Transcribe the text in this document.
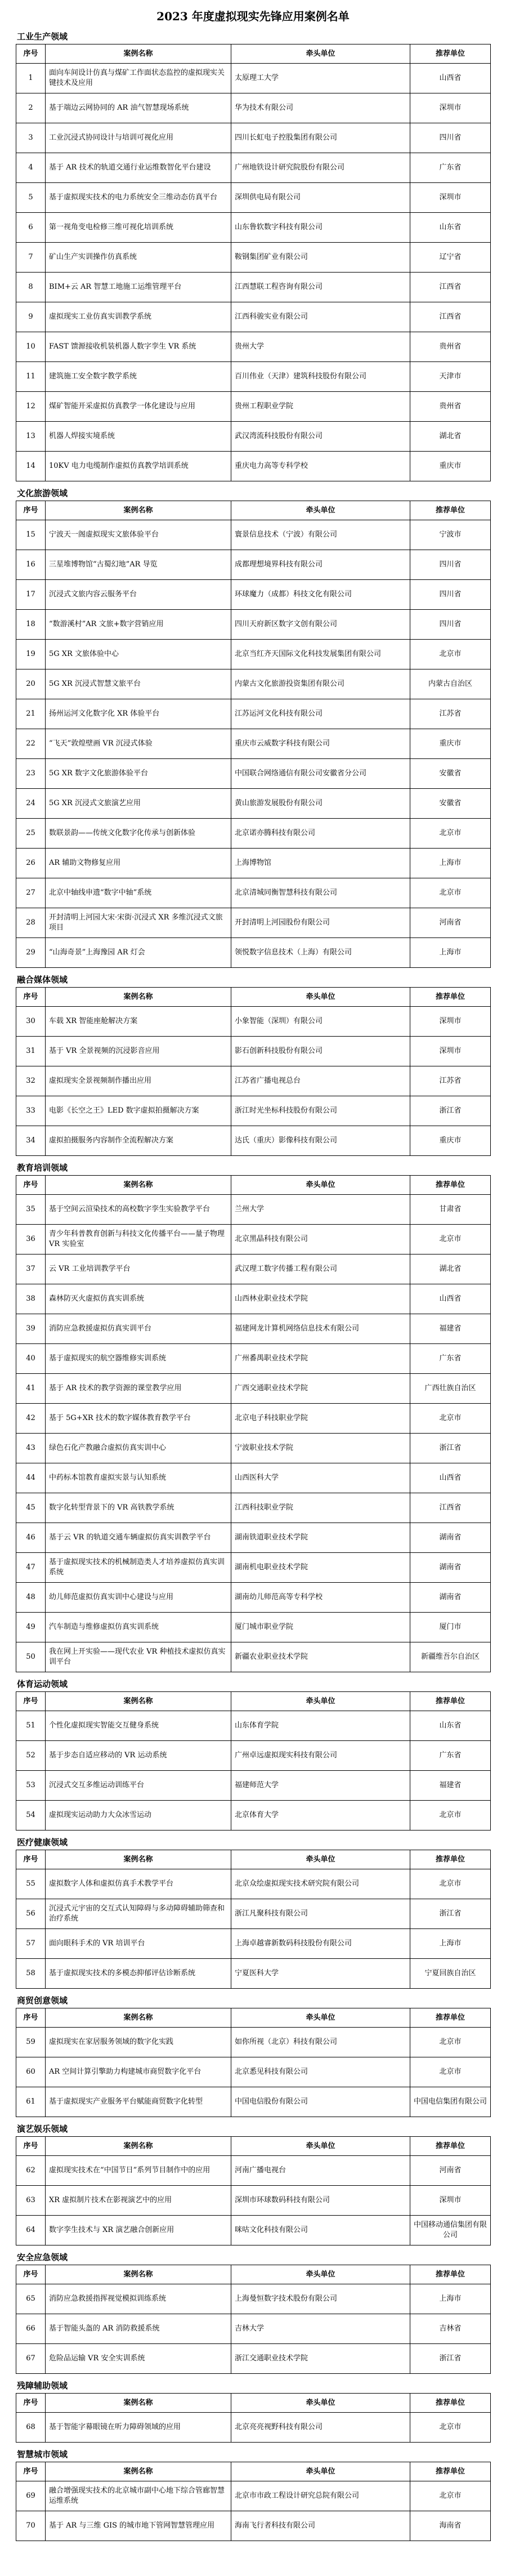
2023 年度虚拟现实先锋应用案例名单
工业生产领域
序号	案例名称	牵头单位	推荐单位
1	面向车间设计仿真与煤矿工作面状态监控的虚拟现实关键技术及应用	太原理工大学	山西省
2	基于端边云网协同的 AR 油气智慧现场系统	华为技术有限公司	深圳市
3	工业沉浸式协同设计与培训可视化应用	四川长虹电子控股集团有限公司	四川省
4	基于 AR 技术的轨道交通行业运维数智化平台建设	广州地铁设计研究院股份有限公司	广东省
5	基于虚拟现实技术的电力系统安全三维动态仿真平台	深圳供电局有限公司	深圳市
6	第一视角变电检修三维可视化培训系统	山东鲁软数字科技有限公司	山东省
7	矿山生产实训操作仿真系统	鞍钢集团矿业有限公司	辽宁省
8	BIM+云 AR 智慧工地施工运维管理平台	江西慧联工程咨询有限公司	江西省
9	虚拟现实工业仿真实训教学系统	江西科骏实业有限公司	江西省
10	FAST 馈源接收机装机器人数字孪生 VR 系统	贵州大学	贵州省
11	建筑施工安全数字教学系统	百川伟业（天津）建筑科技股份有限公司	天津市
12	煤矿智能开采虚拟仿真教学一体化建设与应用	贵州工程职业学院	贵州省
13	机器人焊接实境系统	武汉湾流科技股份有限公司	湖北省
14	10KV 电力电缆制作虚拟仿真教学培训系统	重庆电力高等专科学校	重庆市
文化旅游领域
序号	案例名称	牵头单位	推荐单位
15	宁波天一阁虚拟现实文旅体验平台	寰景信息技术（宁波）有限公司	宁波市
16	三星堆博物馆“古蜀幻地”AR 导览	成都理想境界科技有限公司	四川省
17	沉浸式文旅内容云服务平台	环球魔力（成都）科技文化有限公司	四川省
18	“数游溪村”AR 文旅+数字营销应用	四川天府新区数字文创有限公司	四川省
19	5G XR 文旅体验中心	北京当红齐天国际文化科技发展集团有限公司	北京市
20	5G XR 沉浸式智慧文旅平台	内蒙古文化旅游投资集团有限公司	内蒙古自治区
21	扬州运河文化数字化 XR 体验平台	江苏运河文化科技有限公司	江苏省
22	“飞天”敦煌壁画 VR 沉浸式体验	重庆市云威数字科技有限公司	重庆市
23	5G XR 数字文化旅游体验平台	中国联合网络通信有限公司安徽省分公司	安徽省
24	5G XR 沉浸式文旅演艺应用	黄山旅游发展股份有限公司	安徽省
25	数联景韵——传统文化数字化传承与创新体验	北京诺亦腾科技有限公司	北京市
26	AR 辅助文物修复应用	上海博物馆	上海市
27	北京中轴线申遗“数字中轴”系统	北京清城同衡智慧科技有限公司	北京市
28	开封清明上河园大宋·宋街·沉浸式 XR 多维沉浸式文旅项目	开封清明上河园股份有限公司	河南省
29	“山海奇景”上海豫园 AR 灯会	领悦数字信息技术（上海）有限公司	上海市
融合媒体领域
序号	案例名称	牵头单位	推荐单位
30	车载 XR 智能座舱解决方案	小象智能（深圳）有限公司	深圳市
31	基于 VR 全景视频的沉浸影音应用	影石创新科技股份有限公司	深圳市
32	虚拟现实全景视频制作播出应用	江苏省广播电视总台	江苏省
33	电影《长空之王》LED 数字虚拟拍摄解决方案	浙江时光坐标科技股份有限公司	浙江省
34	虚拟拍摄服务内容制作全流程解决方案	达氏（重庆）影像科技有限公司	重庆市
教育培训领域
序号	案例名称	牵头单位	推荐单位
35	基于空间云渲染技术的高校数字孪生实验教学平台	兰州大学	甘肃省
36	青少年科普教育创新与科技文化传播平台——量子物理 VR 实验室	北京黑晶科技有限公司	北京市
37	云 VR 工业培训教学平台	武汉理工数字传播工程有限公司	湖北省
38	森林防灭火虚拟仿真实训系统	山西林业职业技术学院	山西省
39	消防应急救援虚拟仿真实训平台	福建网龙计算机网络信息技术有限公司	福建省
40	基于虚拟现实的航空器维修实训系统	广州番禺职业技术学院	广东省
41	基于 AR 技术的教学资源的课堂教学应用	广西交通职业技术学院	广西壮族自治区
42	基于 5G+XR 技术的数字媒体教育教学平台	北京电子科技职业学院	北京市
43	绿色石化产教融合虚拟仿真实训中心	宁波职业技术学院	浙江省
44	中药标本馆教育虚拟实景与认知系统	山西医科大学	山西省
45	数字化转型背景下的 VR 高铁教学系统	江西科技职业学院	江西省
46	基于云 VR 的轨道交通车辆虚拟仿真实训教学平台	湖南铁道职业技术学院	湖南省
47	基于虚拟现实技术的机械制造类人才培养虚拟仿真实训系统	湖南机电职业技术学院	湖南省
48	幼儿师范虚拟仿真实训中心建设与应用	湖南幼儿师范高等专科学校	湖南省
49	汽车制造与维修虚拟仿真实训系统	厦门城市职业学院	厦门市
50	我在网上开实验——现代农业 VR 种植技术虚拟仿真实训平台	新疆农业职业技术学院	新疆维吾尔自治区
体育运动领域
序号	案例名称	牵头单位	推荐单位
51	个性化虚拟现实智能交互健身系统	山东体育学院	山东省
52	基于步态自适应移动的 VR 运动系统	广州卓远虚拟现实科技有限公司	广东省
53	沉浸式交互多维运动训练平台	福建师范大学	福建省
54	虚拟现实运动助力大众冰雪运动	北京体育大学	北京市
医疗健康领域
序号	案例名称	牵头单位	推荐单位
55	虚拟数字人体和虚拟仿真手术教学平台	北京众绘虚拟现实技术研究院有限公司	北京市
56	沉浸式元宇宙的交互式认知障碍与多动障碍辅助筛查和治疗系统	浙江凡聚科技有限公司	浙江省
57	面向眼科手术的 VR 培训平台	上海卓越睿新数码科技股份有限公司	上海市
58	基于虚拟现实技术的多模态抑郁评估诊断系统	宁夏医科大学	宁夏回族自治区
商贸创意领域
序号	案例名称	牵头单位	推荐单位
59	虚拟现实在家居服务领域的数字化实践	如你所视（北京）科技有限公司	北京市
60	AR 空间计算引擎助力构建城市商贸数字化平台	北京悉见科技有限公司	北京市
61	基于虚拟现实产业服务平台赋能商贸数字化转型	中国电信股份有限公司	中国电信集团有限公司
演艺娱乐领域
序号	案例名称	牵头单位	推荐单位
62	虚拟现实技术在“中国节日”系列节目制作中的应用	河南广播电视台	河南省
63	XR 虚拟制片技术在影视演艺中的应用	深圳市环球数码科技有限公司	深圳市
64	数字孪生技术与 XR 演艺融合创新应用	咪咕文化科技有限公司	中国移动通信集团有限公司
安全应急领域
序号	案例名称	牵头单位	推荐单位
65	消防应急救援指挥视觉模拟训练系统	上海曼恒数字技术股份有限公司	上海市
66	基于智能头盔的 AR 消防救援系统	吉林大学	吉林省
67	危险品运输 VR 安全实训系统	浙江交通职业技术学院	浙江省
残障辅助领域
序号	案例名称	牵头单位	推荐单位
68	基于智能字幕眼镜在听力障碍领域的应用	北京亮亮视野科技有限公司	北京市
智慧城市领域
序号	案例名称	牵头单位	推荐单位
69	融合增强现实技术的北京城市副中心地下综合管廊智慧运维系统	北京市市政工程设计研究总院有限公司	北京市
70	基于 AR 与三维 GIS 的城市地下管网智慧管理应用	海南飞行者科技有限公司	海南省
